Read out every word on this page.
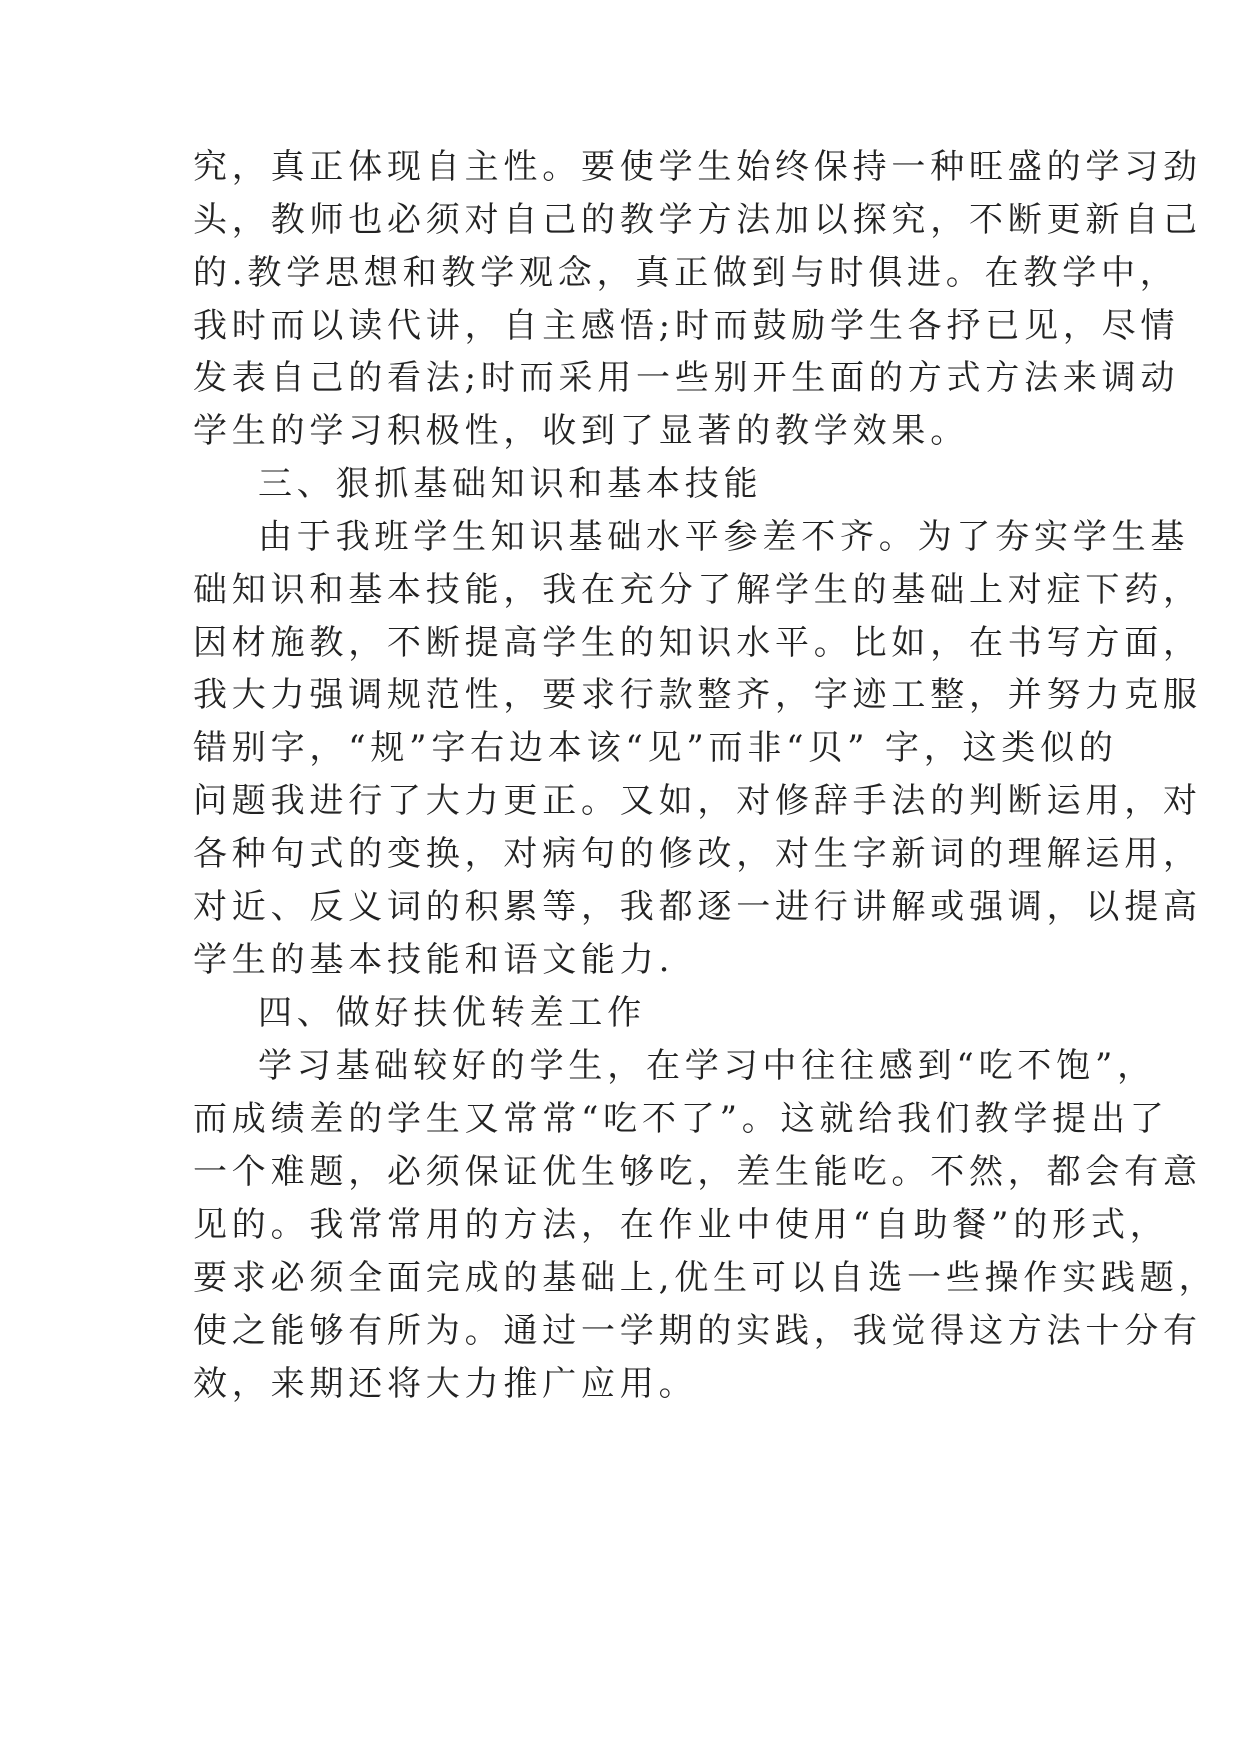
究，真正体现自主性。要使学生始终保持一种旺盛的学习劲
头，教师也必须对自己的教学方法加以探究，不断更新自己
的.教学思想和教学观念，真正做到与时俱进。在教学中，
我时而以读代讲，自主感悟;时而鼓励学生各抒已见，尽情
发表自己的看法;时而采用一些别开生面的方式方法来调动
学生的学习积极性，收到了显著的教学效果。
三、狠抓基础知识和基本技能
由于我班学生知识基础水平参差不齐。为了夯实学生基
础知识和基本技能，我在充分了解学生的基础上对症下药，
因材施教，不断提高学生的知识水平。比如，在书写方面，
我大力强调规范性，要求行款整齐，字迹工整，并努力克服
错别字，“规”字右边本该“见”而非“贝” 字，这类似的
问题我进行了大力更正。又如，对修辞手法的判断运用，对
各种句式的变换，对病句的修改，对生字新词的理解运用，
对近、反义词的积累等，我都逐一进行讲解或强调，以提高
学生的基本技能和语文能力.
四、做好扶优转差工作
学习基础较好的学生，在学习中往往感到“吃不饱”，
而成绩差的学生又常常“吃不了”。这就给我们教学提出了
一个难题，必须保证优生够吃，差生能吃。不然，都会有意
见的。我常常用的方法，在作业中使用“自助餐”的形式，
要求必须全面完成的基础上,优生可以自选一些操作实践题，
使之能够有所为。通过一学期的实践，我觉得这方法十分有
效，来期还将大力推广应用。
